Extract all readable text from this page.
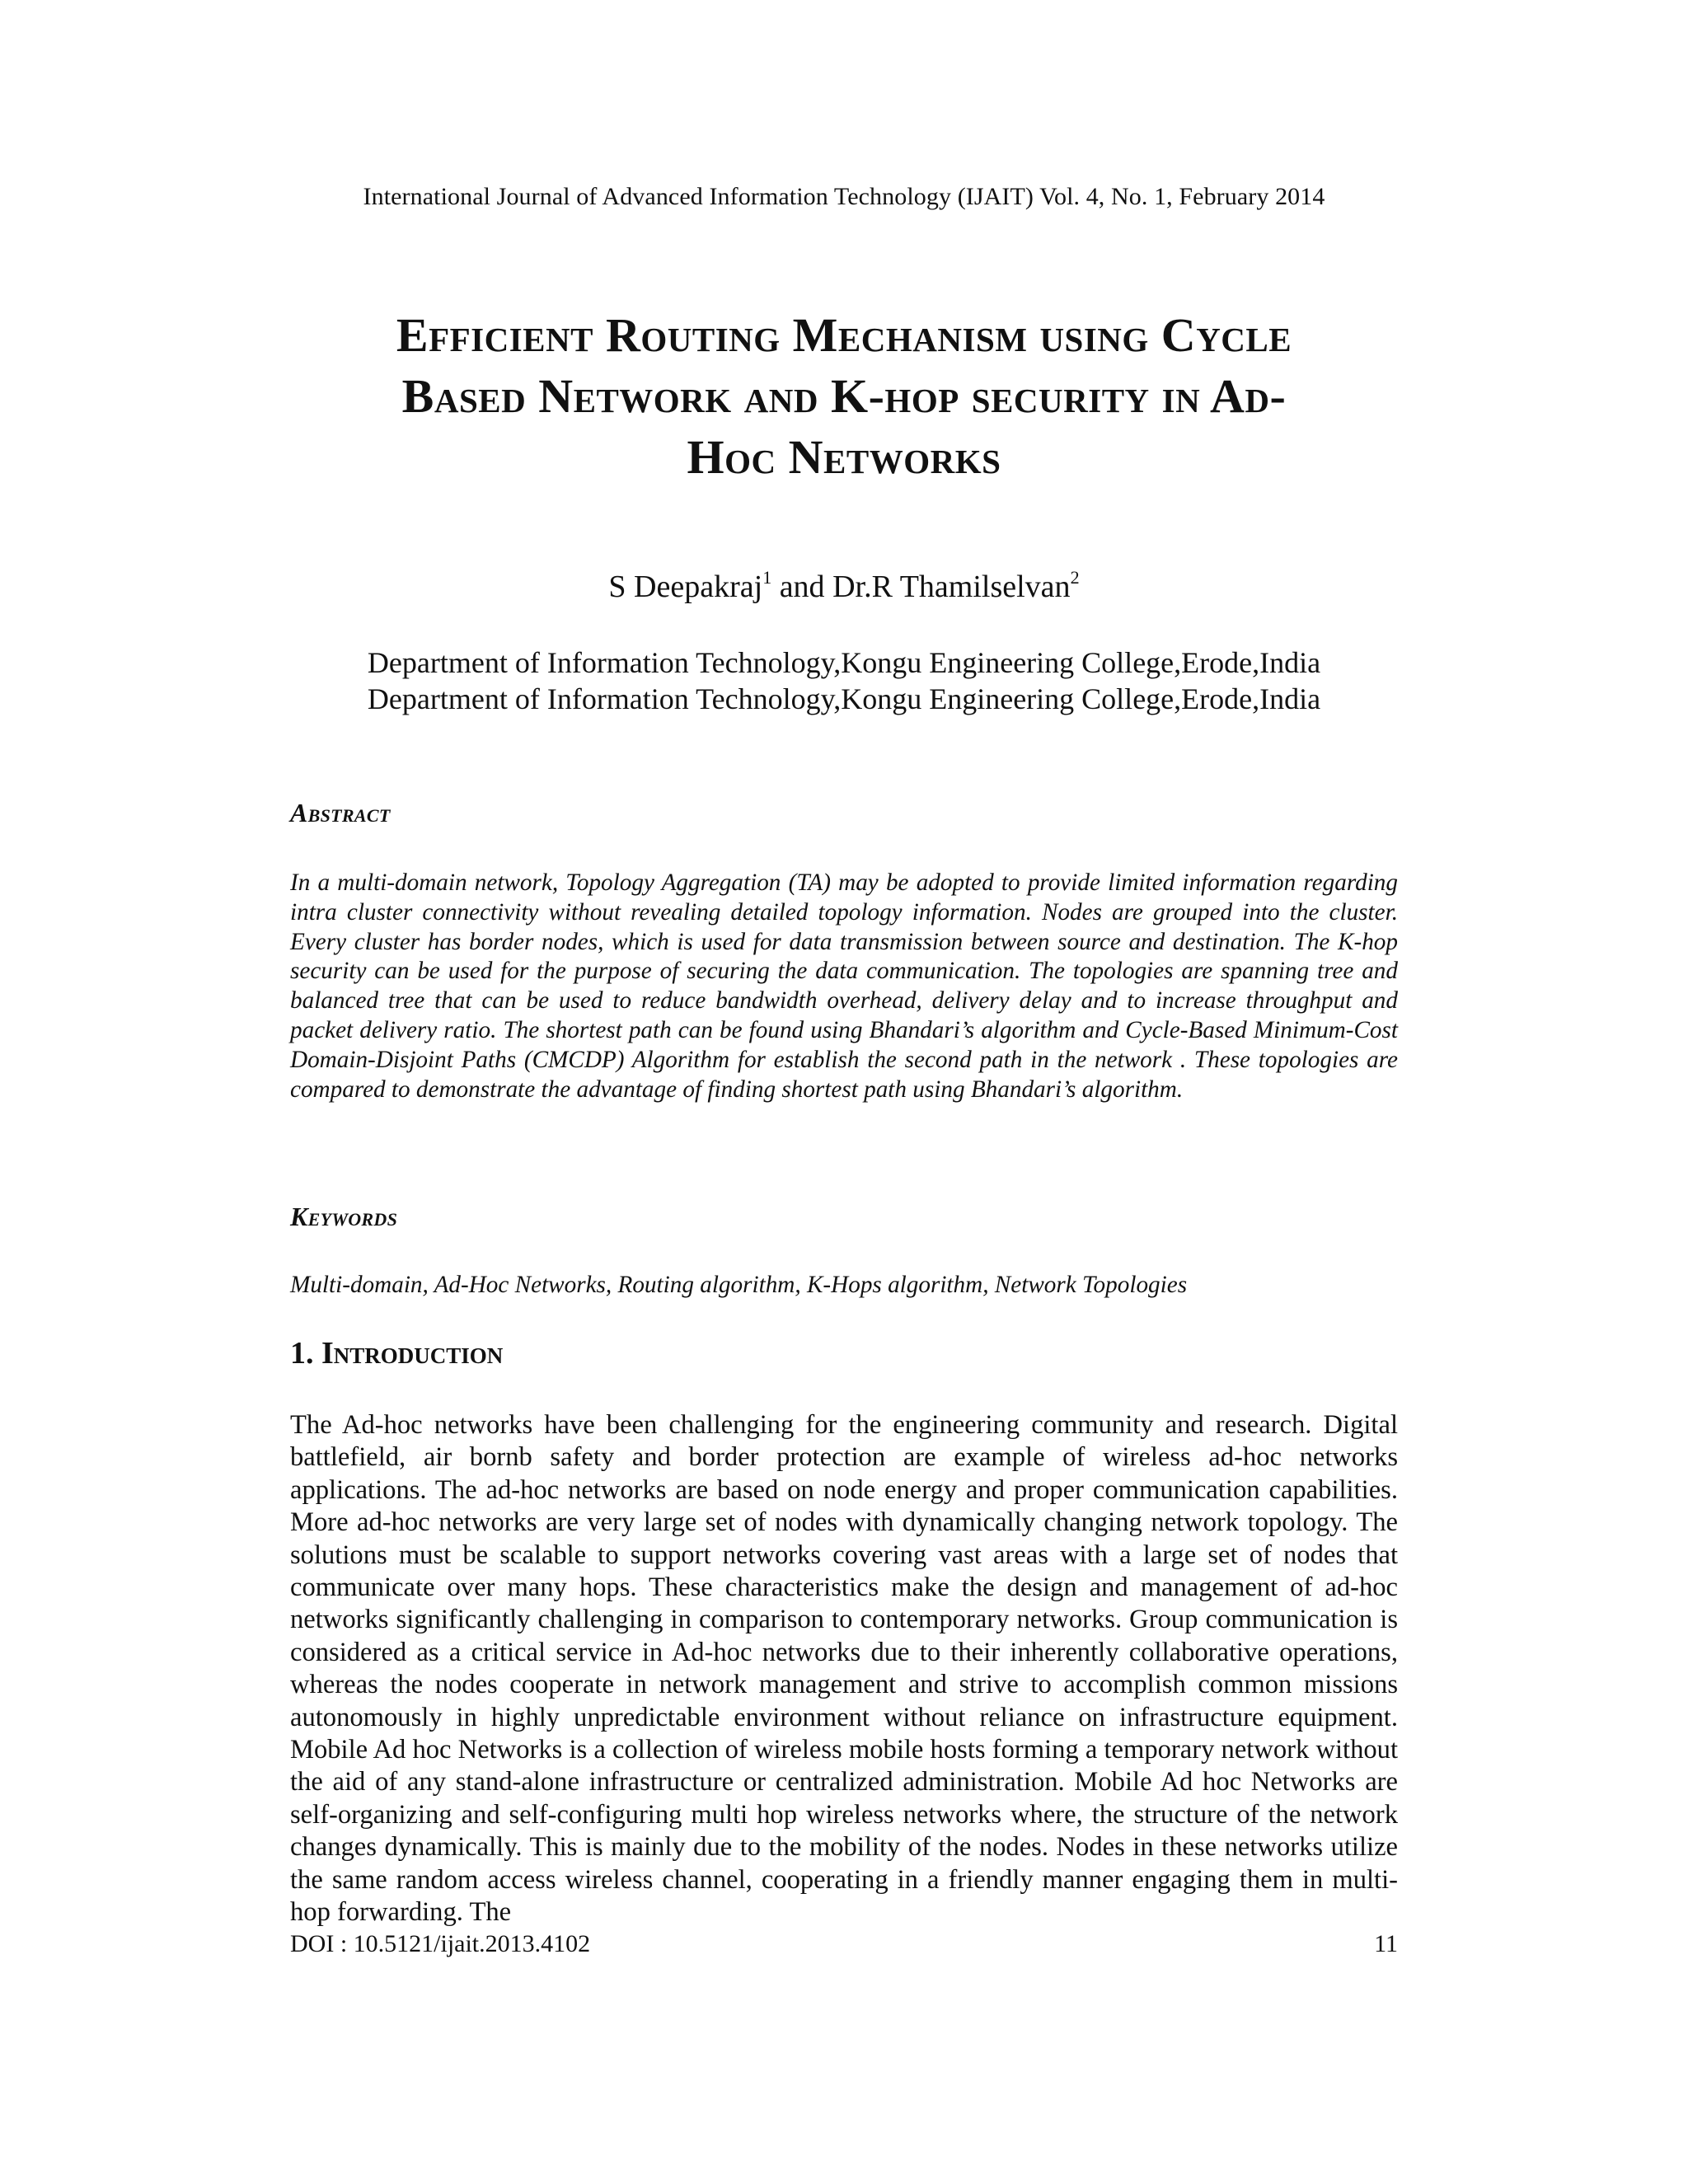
International Journal of Advanced Information Technology (IJAIT) Vol. 4, No. 1, February 2014
Efficient Routing Mechanism using Cycle
Based Network and K-hop security in Ad-
Hoc Networks
S Deepakraj$^1$ and Dr.R Thamilselvan$^2$
Department of Information Technology,Kongu Engineering College,Erode,India
Department of Information Technology,Kongu Engineering College,Erode,India
Abstract
In a multi-domain network, Topology Aggregation (TA) may be adopted to provide limited information regarding intra cluster connectivity without revealing detailed topology information. Nodes are grouped into the cluster. Every cluster has border nodes, which is used for data transmission between source and destination. The K-hop security can be used for the purpose of securing the data communication. The topologies are spanning tree and balanced tree that can be used to reduce bandwidth overhead, delivery delay and to increase throughput and packet delivery ratio. The shortest path can be found using Bhandari’s algorithm and Cycle-Based Minimum-Cost Domain-Disjoint Paths (CMCDP) Algorithm for establish the second path in the network . These topologies are compared to demonstrate the advantage of finding shortest path using Bhandari’s algorithm.
Keywords
Multi-domain, Ad-Hoc Networks, Routing algorithm, K-Hops algorithm, Network Topologies
1. Introduction
The Ad-hoc networks have been challenging for the engineering community and research. Digital battlefield, air bornb safety and border protection are example of wireless ad-hoc networks applications. The ad-hoc networks are based on node energy and proper communication capabilities. More ad-hoc networks are very large set of nodes with dynamically changing network topology. The solutions must be scalable to support networks covering vast areas with a large set of nodes that communicate over many hops. These characteristics make the design and management of ad-hoc networks significantly challenging in comparison to contemporary networks. Group communication is considered as a critical service in Ad-hoc networks due to their inherently collaborative operations, whereas the nodes cooperate in network management and strive to accomplish common missions autonomously in highly unpredictable environment without reliance on infrastructure equipment. Mobile Ad hoc Networks is a collection of wireless mobile hosts forming a temporary network without the aid of any stand-alone infrastructure or centralized administration. Mobile Ad hoc Networks are self-organizing and self-configuring multi hop wireless networks where, the structure of the network changes dynamically. This is mainly due to the mobility of the nodes. Nodes in these networks utilize the same random access wireless channel, cooperating in a friendly manner engaging them in multi-hop forwarding. The
DOI : 10.5121/ijait.2013.4102	11
